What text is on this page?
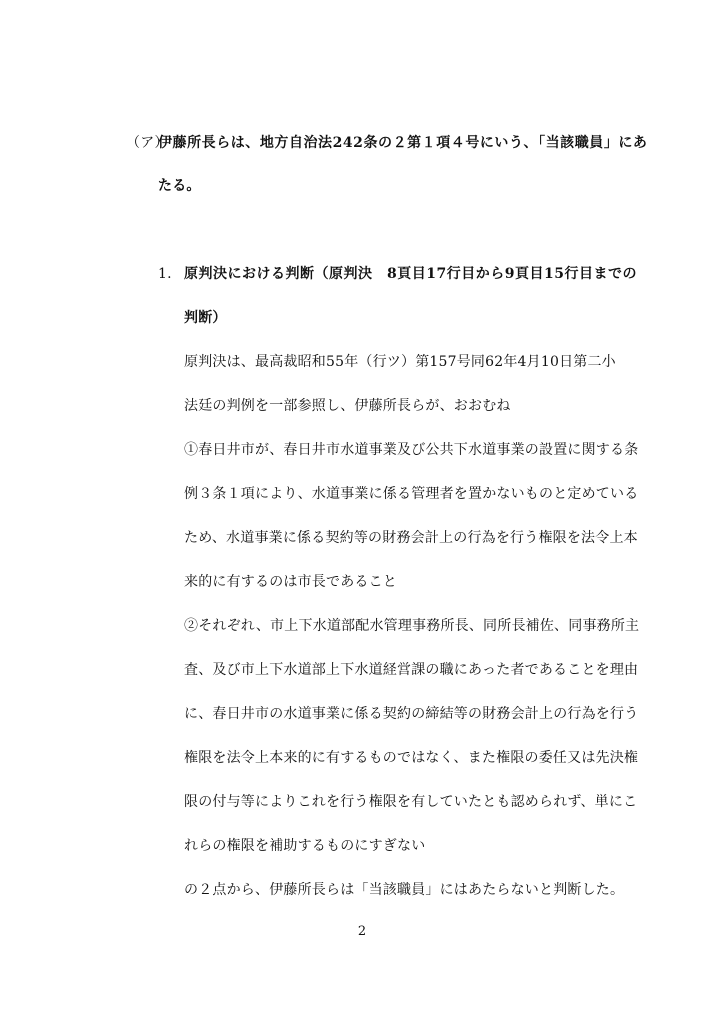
（ア）
伊藤所長らは、地方自治法242条の２第１項４号にいう、「当該職員」にあ
たる。
1. 原判決における判断（原判決　8頁目17行目から9頁目15行目までの
判断）
原判決は、最高裁昭和55年（行ツ）第157号同62年4月10日第二小
法廷の判例を一部参照し、伊藤所長らが、おおむね
①春日井市が、春日井市水道事業及び公共下水道事業の設置に関する条
例３条１項により、水道事業に係る管理者を置かないものと定めている
ため、水道事業に係る契約等の財務会計上の行為を行う権限を法令上本
来的に有するのは市長であること
②それぞれ、市上下水道部配水管理事務所長、同所長補佐、同事務所主
査、及び市上下水道部上下水道経営課の職にあった者であることを理由
に、春日井市の水道事業に係る契約の締結等の財務会計上の行為を行う
権限を法令上本来的に有するものではなく、また権限の委任又は先決権
限の付与等によりこれを行う権限を有していたとも認められず、単にこ
れらの権限を補助するものにすぎない
の２点から、伊藤所長らは「当該職員」にはあたらないと判断した。
2
